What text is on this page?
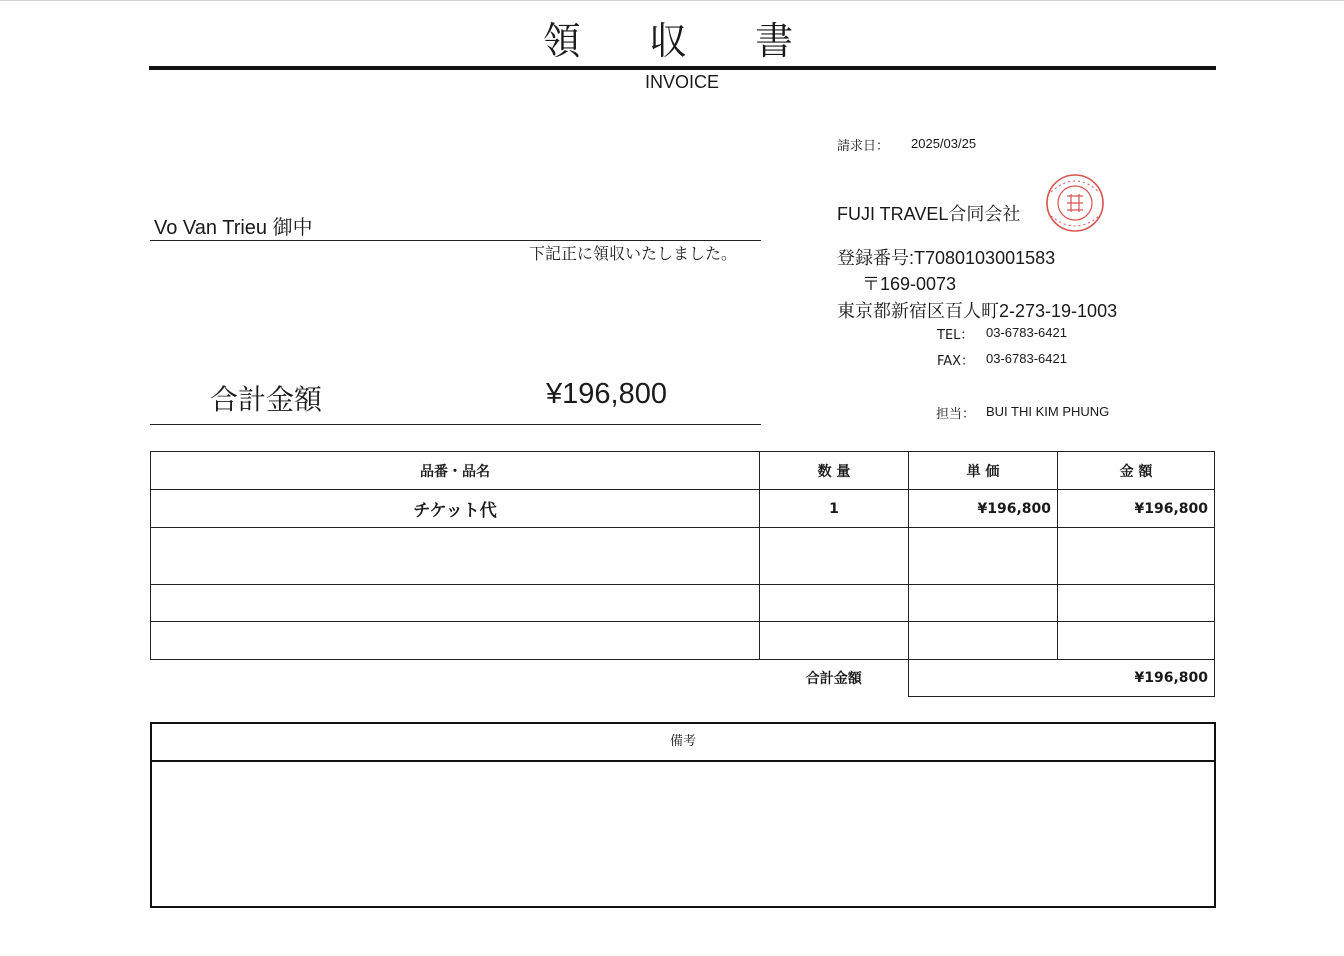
領 収 書
INVOICE
請求日： 2025/03/25
Vo Van Trieu 御中
下記正に領収いたしました。
合計金額	¥196,800
FUJI TRAVEL合同会社
登録番号:T7080103001583
〒169-0073
東京都新宿区百人町2-273-19-1003
TEL： 03-6783-6421
FAX： 03-6783-6421
担当： BUI THI KIM PHUNG
品番・品名	数 量	単 価	金 額
チケット代	1	¥196,800	¥196,800

	合計金額	¥196,800	
備考
